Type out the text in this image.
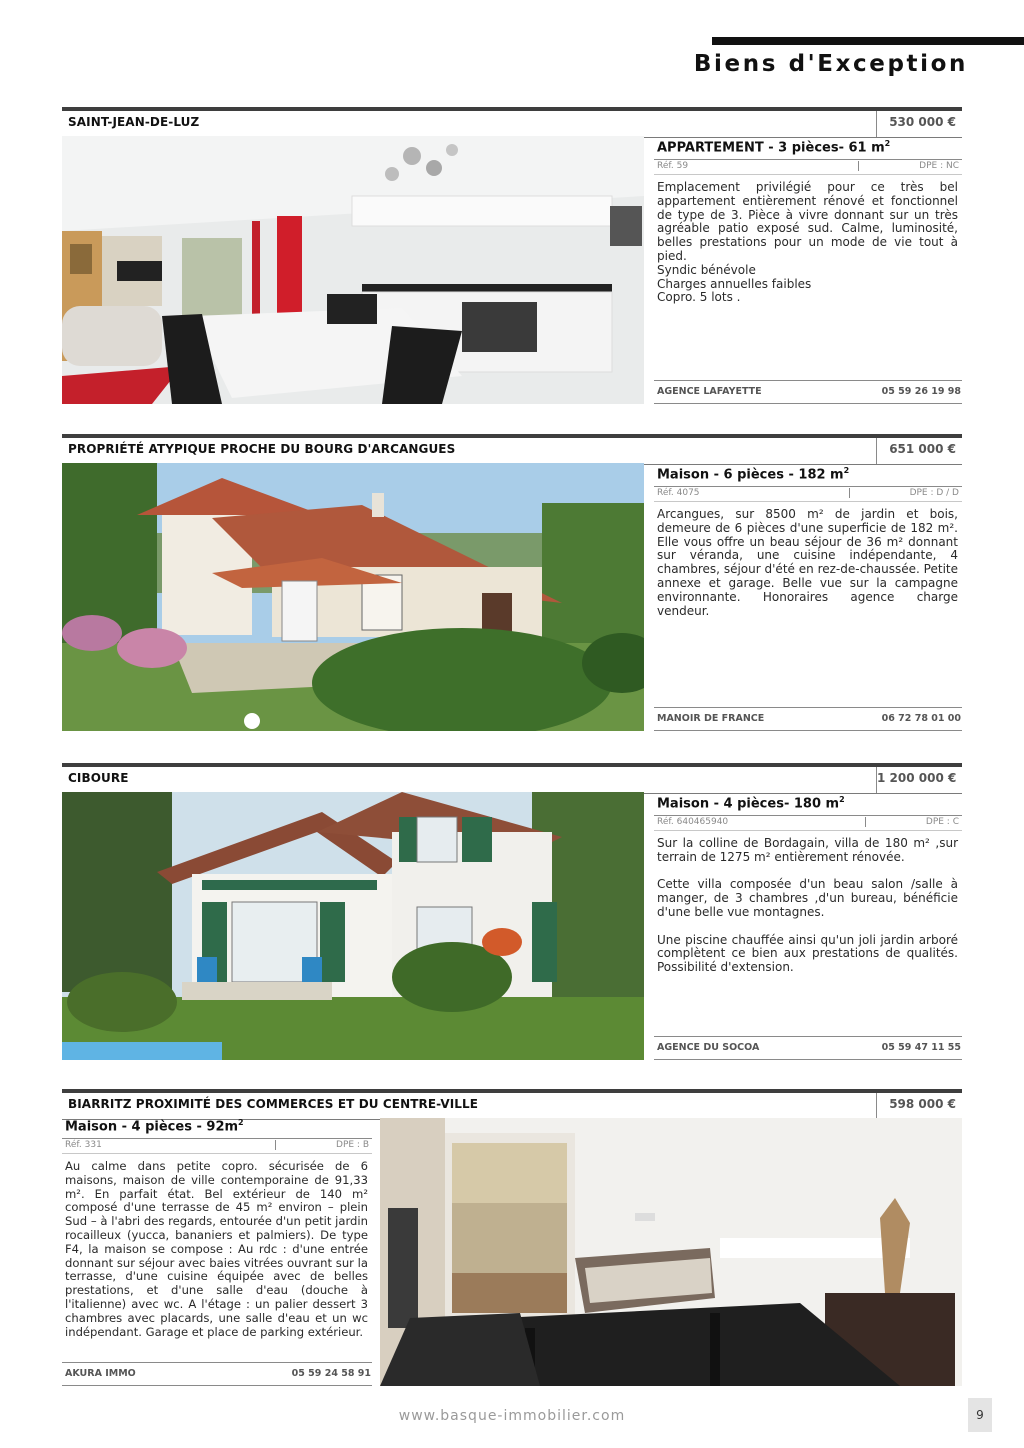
Biens d'Exception
SAINT-JEAN-DE-LUZ	530 000 €
APPARTEMENT - 3 pièces- 61 $m^2$
Réf. 59	DPE : NC

Emplacement privilégié pour ce très bel appartement entièrement rénové et fonctionnel de type de 3. Pièce à vivre donnant sur un très agréable patio exposé sud. Calme, luminosité, belles prestations pour un mode de vie tout à pied.

Syndic bénévole

Charges annuelles faibles

Copro. 5 lots .

AGENCE LAFAYETTE	05 59 26 19 98
PROPRIÉTÉ ATYPIQUE PROCHE DU BOURG D'ARCANGUES	651 000 €
Maison - 6 pièces - 182 $m^2$
Réf. 4075	DPE : D / D

Arcangues, sur 8500 m² de jardin et bois, demeure de 6 pièces d'une superficie de 182 m². Elle vous offre un beau séjour de 36 m² donnant sur véranda, une cuisine indépendante, 4 chambres, séjour d'été en rez-de-chaussée. Petite annexe et garage. Belle vue sur la campagne environnante. Honoraires agence charge vendeur.

MANOIR DE FRANCE	06 72 78 01 00
CIBOURE	1 200 000 €
Maison - 4 pièces- 180 $m^2$
Réf. 640465940	DPE : C

Sur la colline de Bordagain, villa de 180 m² ,sur terrain de 1275 m² entièrement rénovée.

Cette villa composée d'un beau salon /salle à manger, de 3 chambres ,d'un bureau, bénéficie d'une belle vue montagnes.

Une piscine chauffée ainsi qu'un joli jardin arboré complètent ce bien aux prestations de qualités. Possibilité d'extension.

AGENCE DU SOCOA	05 59 47 11 55
BIARRITZ PROXIMITÉ DES COMMERCES ET DU CENTRE-VILLE	598 000 €
Maison - 4 pièces - $92m^2$
Réf. 331	DPE : B

Au calme dans petite copro. sécurisée de 6 maisons, maison de ville contemporaine de 91,33 m². En parfait état. Bel extérieur de 140 m² composé d'une terrasse de 45 m² environ – plein Sud – à l'abri des regards, entourée d'un petit jardin rocailleux (yucca, bananiers et palmiers). De type F4, la maison se compose : Au rdc : d'une entrée donnant sur séjour avec baies vitrées ouvrant sur la terrasse, d'une cuisine équipée avec de belles prestations, et d'une salle d'eau (douche à l'italienne) avec wc. A l'étage : un palier dessert 3 chambres avec placards, une salle d'eau et un wc indépendant. Garage et place de parking extérieur.

AKURA IMMO	05 59 24 58 91
www.basque-immobilier.com	9
